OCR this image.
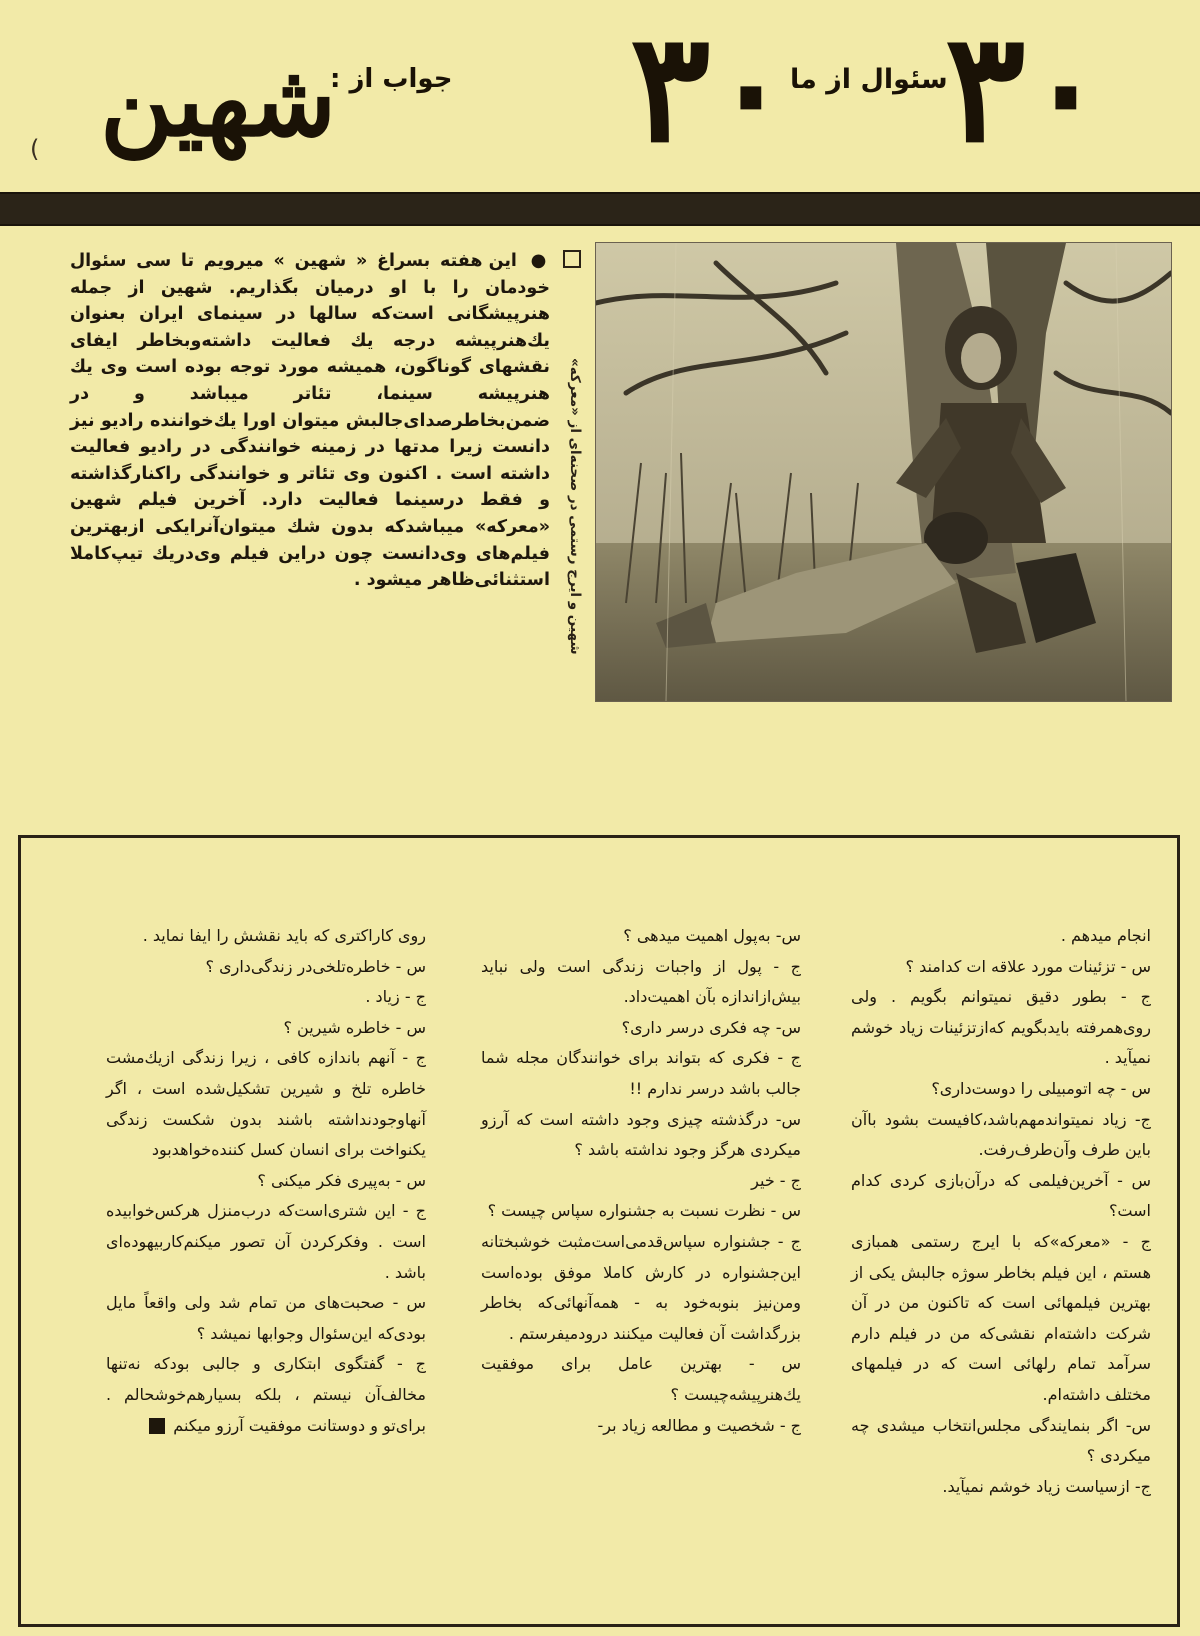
۳۰
سئوال از ما
۳۰
جواب از :
شهین
(
● این هفته بسراغ « شهین » میرویم تا سی سئوال خودمان را با او درمیان بگذاریم. شهین از جمله هنرپیشگانی است‌که سالها در سینمای ایران بعنوان یك‌هنرپیشه درجه یك فعالیت داشته‌وبخاطر ایفای نقشهای گوناگون، همیشه مورد توجه بوده است وی یك هنرپیشه سینما، تئاتر میباشد و در ضمن‌بخاطرصدای‌جالبش میتوان اورا یك‌خواننده رادیو نیز دانست زیرا مدتها در زمینه خوانندگی در رادیو فعالیت داشته است . اکنون وی تئاتر و خوانندگی راکنارگذاشته و فقط درسینما فعالیت دارد. آخرین فیلم شهین «معرکه» میباشدکه بدون شك میتوان‌آنرایکی ازبهترین فیلم‌های وی‌دانست چون دراین فیلم وی‌دریك تیپ‌کاملا استثنائی‌ظاهر میشود .	شهین و ایرج رستمی در صحنه‌ای از «معرکه»

انجام میدهم .

س - تزئینات مورد علاقه ات کدامند ؟

ج - بطور دقیق نمیتوانم بگویم . ولی روی‌همرفته بایدبگویم که‌ازتزئینات زیاد خوشم نمیآید .

س - چه اتومبیلی را دوست‌داری؟

ج- زیاد نمیتواندمهم‌باشد،کافیست بشود باآن باین طرف وآن‌طرف‌رفت.

س - آخرین‌فیلمی که درآن‌بازی کردی کدام است؟

ج - «معرکه»که با ایرج رستمی همبازی هستم ، این فیلم بخاطر سوژه جالبش یکی از بهترین فیلمهائی است که تاکنون من در آن شرکت داشته‌ام نقشی‌که من در فیلم دارم سرآمد تمام رلهائی است که در فیلمهای مختلف داشته‌ام.

س- اگر بنمایندگی مجلس‌انتخاب میشدی چه میکردی ؟

ج- ازسیاست زیاد خوشم نمیآید.

س- به‌پول اهمیت میدهی ؟

ج - پول از واجبات زندگی است ولی نباید بیش‌ازاندازه بآن اهمیت‌داد.

س- چه فکری درسر داری؟

ج - فکری که بتواند برای خوانندگان مجله شما جالب باشد درسر ندارم !!

س- درگذشته چیزی وجود داشته است که آرزو میکردی هرگز وجود نداشته باشد ؟

ج - خیر

س - نظرت نسبت به جشنواره سپاس چیست ؟

ج - جشنواره سپاس‌قدمی‌است‌مثبت خوشبختانه این‌جشنواره در کارش کاملا موفق بوده‌است ومن‌نیز بنوبه‌خود به - همه‌آنهائی‌که بخاطر بزرگداشت آن فعالیت میکنند درودمیفرستم .

س - بهترین عامل برای موفقیت یك‌هنرپیشه‌چیست ؟

ج - شخصیت و مطالعه زیاد بر-

روی کاراکتری که باید نقشش را ایفا نماید .

س - خاطره‌تلخی‌در زندگی‌داری ؟

ج - زیاد .

س - خاطره شیرین ؟

ج - آنهم باندازه کافی ، زیرا زندگی ازیك‌مشت خاطره تلخ و شیرین تشکیل‌شده است ، اگر آنهاوجودنداشته باشند بدون شکست زندگی یکنواخت برای انسان کسل کننده‌خواهدبود

س - به‌پیری فکر میکنی ؟

ج - این شتری‌است‌که درب‌منزل هرکس‌خوابیده است . وفکرکردن آن تصور میکنم‌کاربیهوده‌ای باشد .

س - صحبت‌های من تمام شد ولی واقعاً مایل بودی‌که این‌سئوال وجوابها نمیشد ؟

ج - گفتگوی ابتکاری و جالبی بودکه نه‌تنها مخالف‌آن نیستم ، بلکه بسیارهم‌خوشحالم . برای‌تو و دوستانت موفقیت آرزو میکنم
